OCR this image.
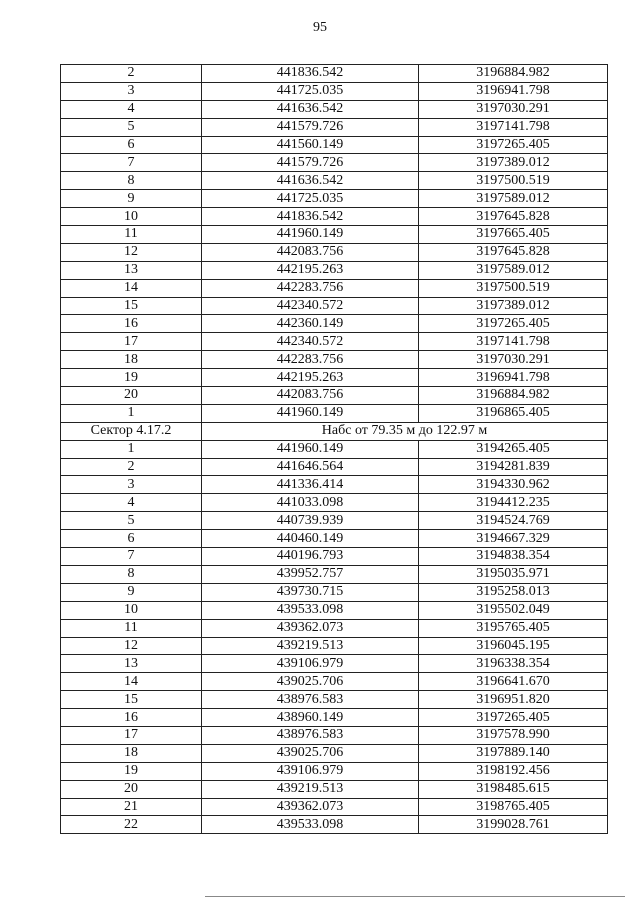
95
2	441836.542	3196884.982
3	441725.035	3196941.798
4	441636.542	3197030.291
5	441579.726	3197141.798
6	441560.149	3197265.405
7	441579.726	3197389.012
8	441636.542	3197500.519
9	441725.035	3197589.012
10	441836.542	3197645.828
11	441960.149	3197665.405
12	442083.756	3197645.828
13	442195.263	3197589.012
14	442283.756	3197500.519
15	442340.572	3197389.012
16	442360.149	3197265.405
17	442340.572	3197141.798
18	442283.756	3197030.291
19	442195.263	3196941.798
20	442083.756	3196884.982
1	441960.149	3196865.405
Сектор 4.17.2	Набс от 79.35 м до 122.97 м	
1	441960.149	3194265.405
2	441646.564	3194281.839
3	441336.414	3194330.962
4	441033.098	3194412.235
5	440739.939	3194524.769
6	440460.149	3194667.329
7	440196.793	3194838.354
8	439952.757	3195035.971
9	439730.715	3195258.013
10	439533.098	3195502.049
11	439362.073	3195765.405
12	439219.513	3196045.195
13	439106.979	3196338.354
14	439025.706	3196641.670
15	438976.583	3196951.820
16	438960.149	3197265.405
17	438976.583	3197578.990
18	439025.706	3197889.140
19	439106.979	3198192.456
20	439219.513	3198485.615
21	439362.073	3198765.405
22	439533.098	3199028.761
